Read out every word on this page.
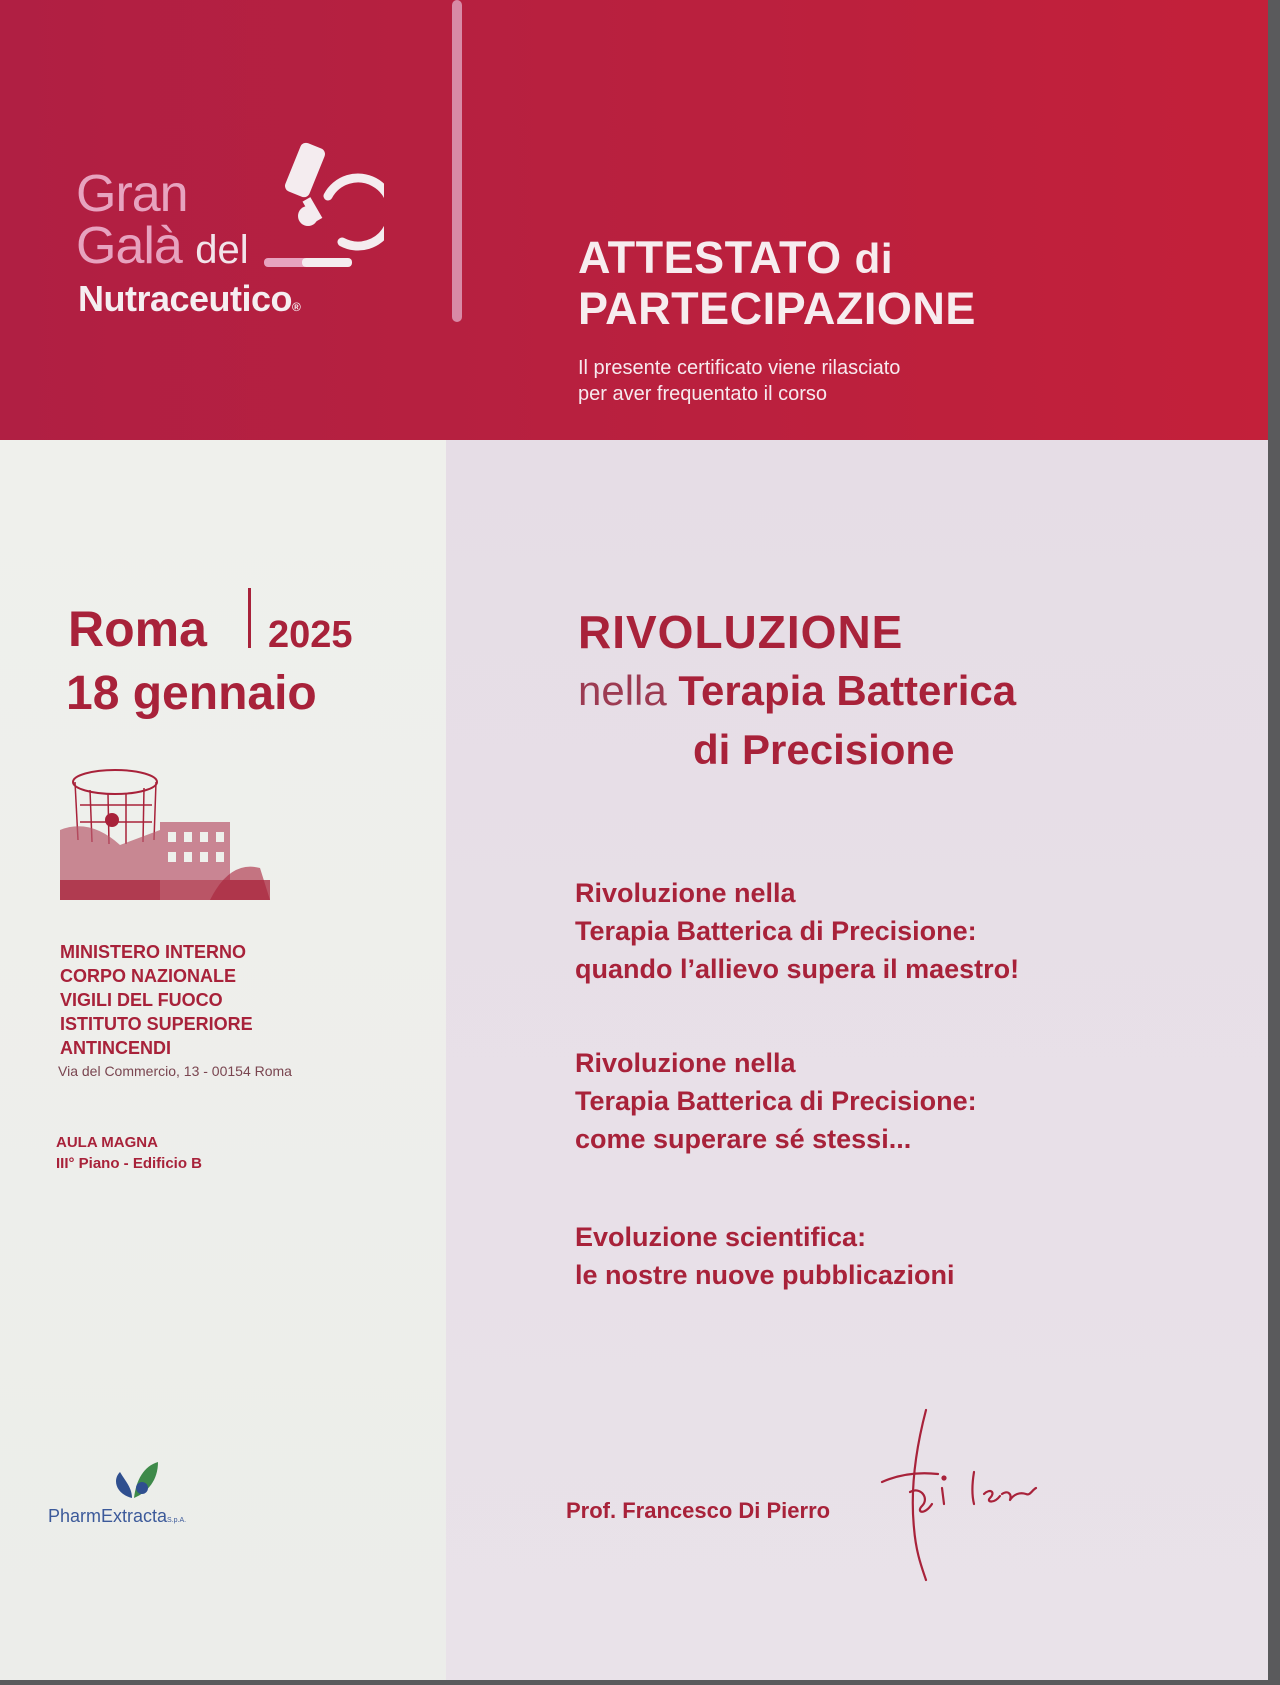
Gran
Galà del
Nutraceutico®
ATTESTATO di
PARTECIPAZIONE
Il presente certificato viene rilasciato
per aver frequentato il corso
Roma 2025
18 gennaio
MINISTERO INTERNO
CORPO NAZIONALE
VIGILI DEL FUOCO
ISTITUTO SUPERIORE
ANTINCENDI
Via del Commercio, 13 - 00154 Roma
AULA MAGNA
III° Piano - Edificio B
PharmExtractaS.p.A.
RIVOLUZIONE
nella Terapia Batterica
di Precisione
Rivoluzione nella
Terapia Batterica di Precisione:
quando l’allievo supera il maestro!
Rivoluzione nella
Terapia Batterica di Precisione:
come superare sé stessi...
Evoluzione scientifica:
le nostre nuove pubblicazioni
Prof. Francesco Di Pierro
